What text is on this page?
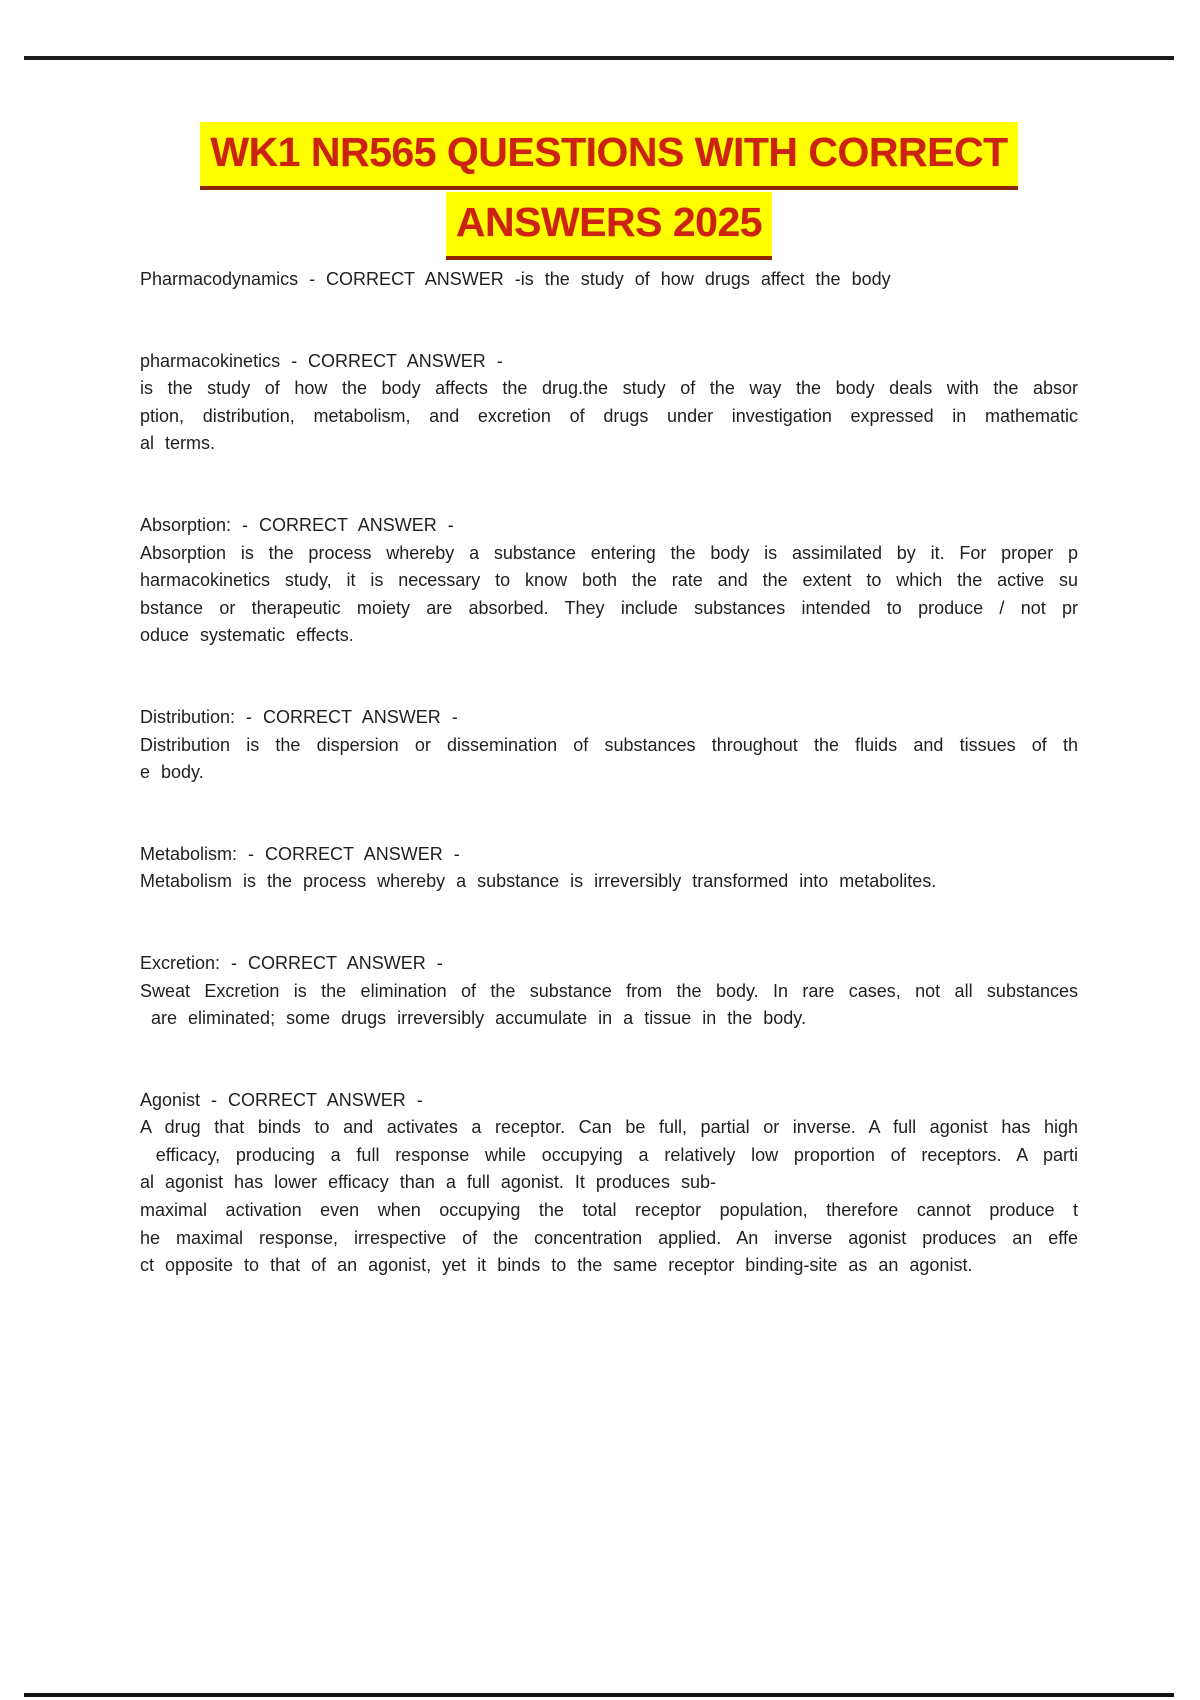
WK1 NR565 QUESTIONS WITH CORRECT
ANSWERS 2025
Pharmacodynamics - CORRECT ANSWER -is the study of how drugs affect the body
pharmacokinetics - CORRECT ANSWER -
is the study of how the body affects the drug.the study of the way the body deals with the absor
ption, distribution, metabolism, and excretion of drugs under investigation expressed in mathematic
al terms.
Absorption: - CORRECT ANSWER -
Absorption is the process whereby a substance entering the body is assimilated by it. For proper p
harmacokinetics study, it is necessary to know both the rate and the extent to which the active su
bstance or therapeutic moiety are absorbed. They include substances intended to produce / not pr
oduce systematic effects.
Distribution: - CORRECT ANSWER -
Distribution is the dispersion or dissemination of substances throughout the fluids and tissues of th
e body.
Metabolism: - CORRECT ANSWER -
Metabolism is the process whereby a substance is irreversibly transformed into metabolites.
Excretion: - CORRECT ANSWER -
Sweat Excretion is the elimination of the substance from the body. In rare cases, not all substances
are eliminated; some drugs irreversibly accumulate in a tissue in the body.
Agonist - CORRECT ANSWER -
A drug that binds to and activates a receptor. Can be full, partial or inverse. A full agonist has high
efficacy, producing a full response while occupying a relatively low proportion of receptors. A parti
al agonist has lower efficacy than a full agonist. It produces sub-
maximal activation even when occupying the total receptor population, therefore cannot produce t
he maximal response, irrespective of the concentration applied. An inverse agonist produces an effe
ct opposite to that of an agonist, yet it binds to the same receptor binding-site as an agonist.
